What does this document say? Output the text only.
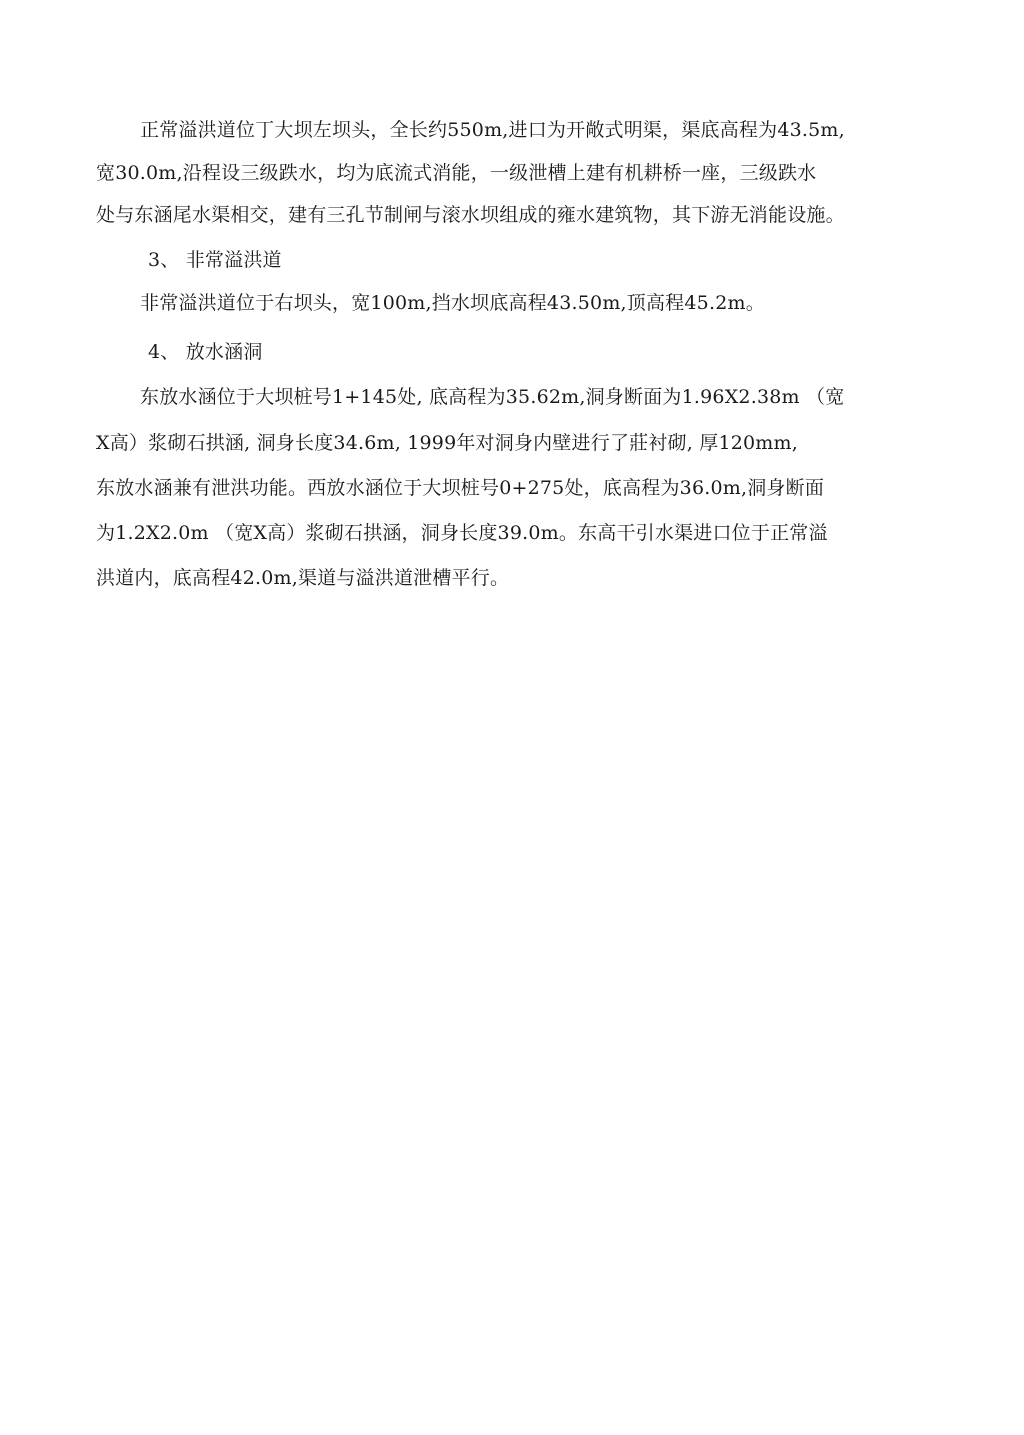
正常溢洪道位丁大坝左坝头，全长约550m,进口为开敞式明渠，渠底高程为43.5m,
宽30.0m,沿程设三级跌水，均为底流式消能，一级泄槽上建有机耕桥一座，三级跌水
处与东涵尾水渠相交，建有三孔节制闸与滚水坝组成的雍水建筑物，其下游无消能设施。
3、 非常溢洪道
非常溢洪道位于右坝头，宽100m,挡水坝底高程43.50m,顶高程45.2m。
4、 放水涵洞
东放水涵位于大坝桩号1+145处, 底高程为35.62m,洞身断面为1.96X2.38m （宽
X高）浆砌石拱涵, 洞身长度34.6m, 1999年对洞身内壁进行了莊衬砌, 厚120mm,
东放水涵兼有泄洪功能。西放水涵位于大坝桩号0+275处，底高程为36.0m,洞身断面
为1.2X2.0m （宽X高）浆砌石拱涵，洞身长度39.0m。东高干引水渠进口位于正常溢
洪道内，底高程42.0m,渠道与溢洪道泄槽平行。
